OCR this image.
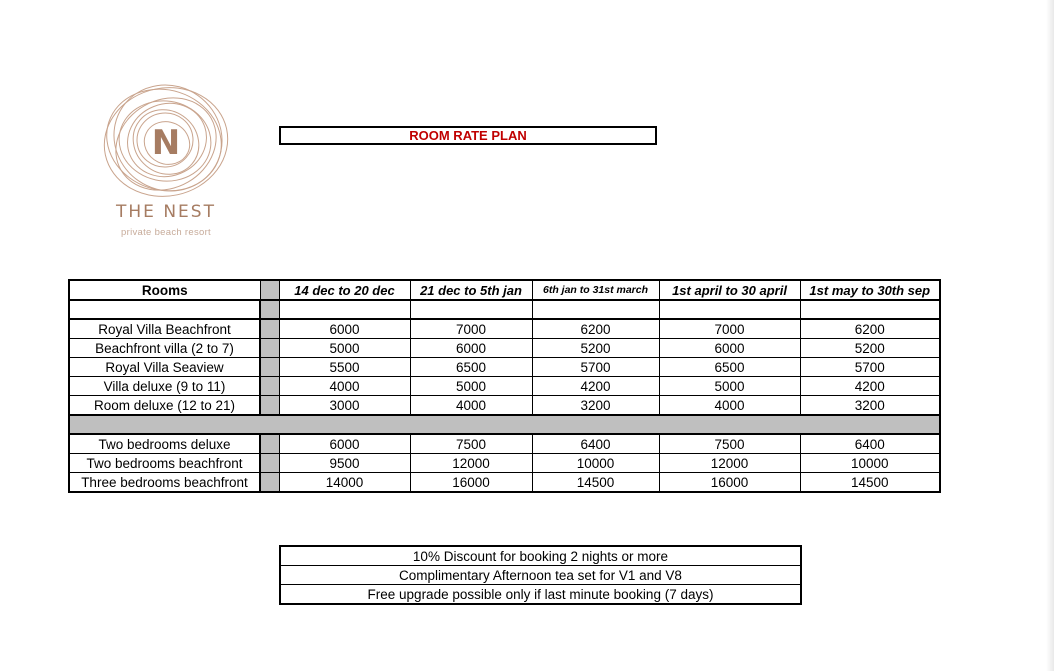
N
THE NEST
private beach resort
ROOM RATE PLAN
Rooms		14 dec to 20 dec	21 dec to 5th jan	6th jan to 31st march	1st april to 30 april	1st may to 30th sep

Royal Villa Beachfront		6000	7000	6200	7000	6200
Beachfront villa (2 to 7)		5000	6000	5200	6000	5200
Royal Villa Seaview		5500	6500	5700	6500	5700
Villa deluxe (9 to 11)		4000	5000	4200	5000	4200
Room deluxe (12 to 21)		3000	4000	3200	4000	3200

Two bedrooms deluxe		6000	7500	6400	7500	6400
Two bedrooms beachfront		9500	12000	10000	12000	10000
Three bedrooms beachfront		14000	16000	14500	16000	14500
10% Discount for booking 2 nights or more
Complimentary Afternoon tea set for V1 and V8
Free upgrade possible only if last minute booking (7 days)
